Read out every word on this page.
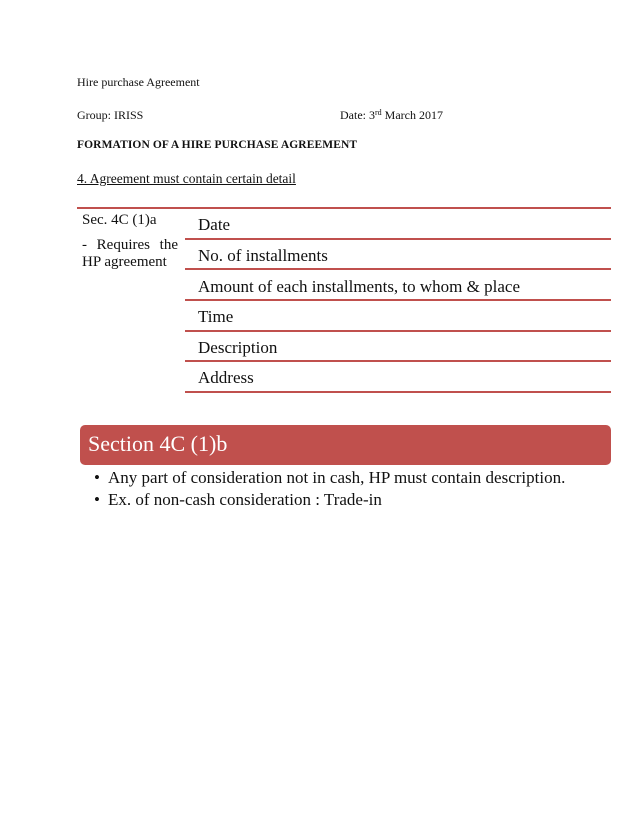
Hire purchase Agreement
Group: IRISS	Date: 3rd March 2017
FORMATION OF A HIRE PURCHASE AGREEMENT
4. Agreement must contain certain detail
Sec. 4C (1)a
- Requires the HP agreement
Date
No. of installments
Amount of each installments, to whom & place
Time
Description
Address
Section 4C (1)b
• Any part of consideration not in cash, HP must contain description.
• Ex. of non-cash consideration : Trade-in
